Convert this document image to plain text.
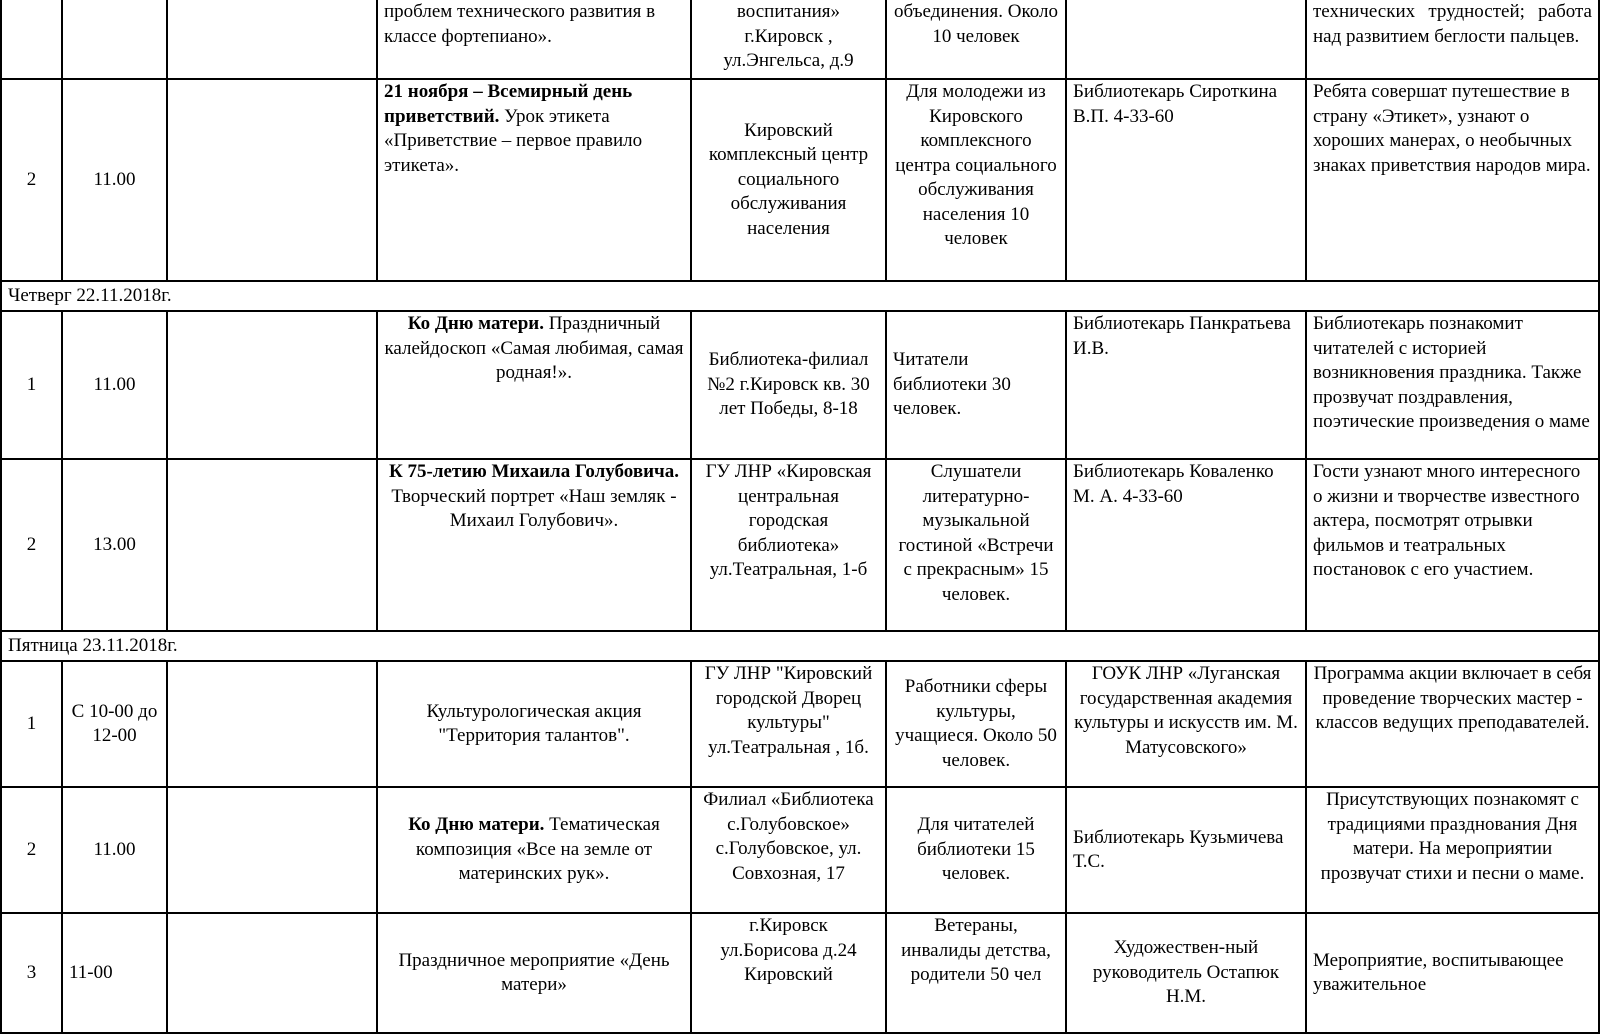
			проблем технического развития в классе фортепиано».	воспитания» г.Кировск , ул.Энгельса, д.9	объединения. Около 10 человек		технических трудностей; работа над развитием беглости пальцев.
2	11.00		21 ноября – Всемирный день приветствий. Урок этикета «Приветствие – первое правило этикета».	Кировский комплексный центр социального обслуживания населения	Для молодежи из Кировского комплексного центра социального обслуживания населения 10 человек	Библиотекарь Сироткина В.П. 4-33-60	Ребята совершат путешествие в страну «Этикет», узнают о хороших манерах, о необычных знаках приветствия народов мира.
Четверг 22.11.2018г.							
1	11.00		Ко Дню матери. Праздничный калейдоскоп «Самая любимая, самая родная!».	Библиотека-филиал №2 г.Кировск кв. 30 лет Победы, 8-18	Читатели библиотеки 30 человек.	Библиотекарь Панкратьева И.В.	Библиотекарь познакомит читателей с историей возникновения праздника. Также прозвучат поздравления, поэтические произведения о маме
2	13.00		К 75-летию Михаила Голубовича. Творческий портрет «Наш земляк - Михаил Голубович».	ГУ ЛНР «Кировская центральная городская библиотека» ул.Театральная, 1-б	Слушатели литературно-музыкальной гостиной «Встречи с прекрасным» 15 человек.	Библиотекарь Коваленко М. А. 4-33-60	Гости узнают много интересного о жизни и творчестве известного актера, посмотрят отрывки фильмов и театральных постановок с его участием.
Пятница 23.11.2018г.							
1	С 10-00 до 12-00		Культурологическая акция "Территория талантов".	ГУ ЛНР "Кировский городской Дворец культуры" ул.Театральная , 1б.	Работники сферы культуры, учащиеся. Около 50 человек.	ГОУК ЛНР «Луганская государственная академия культуры и искусств им. М. Матусовского»	Программа акции включает в себя проведение творческих мастер - классов ведущих преподавателей.
2	11.00		Ко Дню матери. Тематическая композиция «Все на земле от материнских рук».	Филиал «Библиотека с.Голубовское» с.Голубовское, ул. Совхозная, 17	Для читателей библиотеки 15 человек.	Библиотекарь Кузьмичева Т.С.	Присутствующих познакомят с традициями празднования Дня матери. На мероприятии прозвучат стихи и песни о маме.
3	11-00		Праздничное мероприятие «День матери»	г.Кировск ул.Борисова д.24 Кировский	Ветераны, инвалиды детства, родители 50 чел	Художествен-ный руководитель Остапюк Н.М.	Мероприятие, воспитывающее уважительное
